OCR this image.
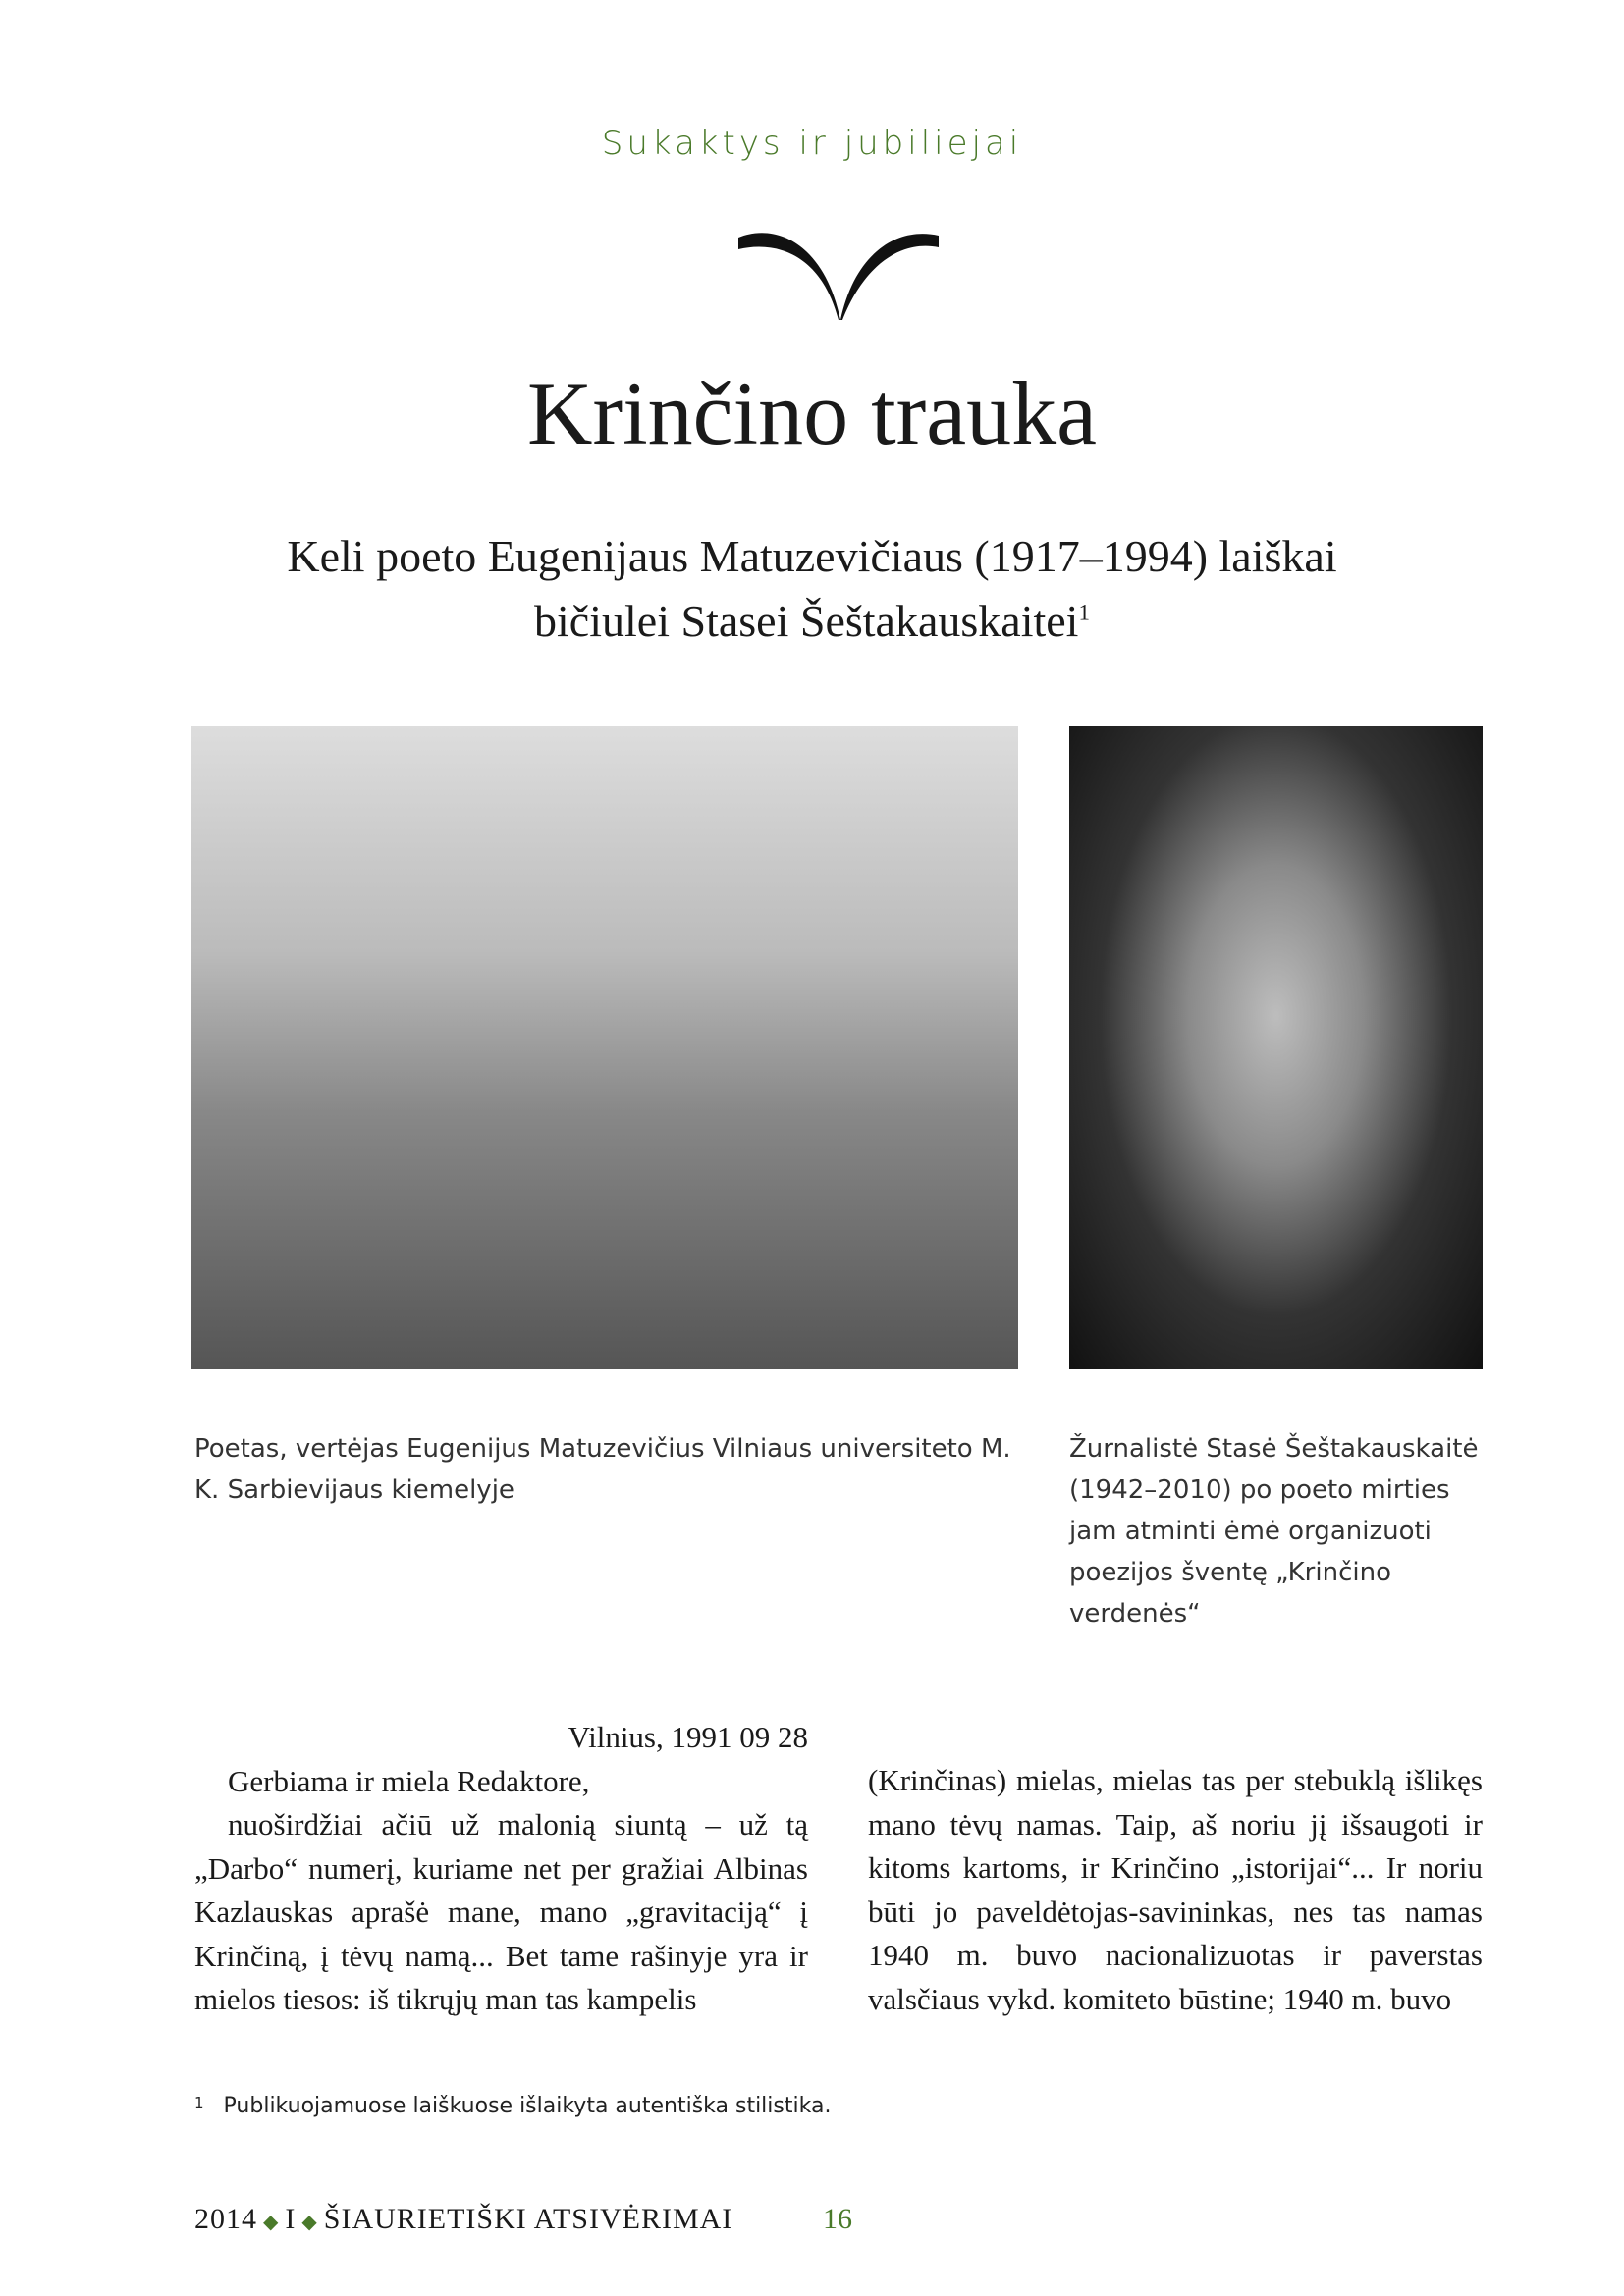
Sukaktys ir jubiliejai
Krinčino trauka
Keli poeto Eugenijaus Matuzevičiaus (1917–1994) laiškai
bičiulei Stasei Šeštakauskaitei$^1$
Poetas, vertėjas Eugenijus Matuzevičius Vilniaus universiteto M. K. Sarbievijaus kiemelyje
Žurnalistė Stasė Šeštakauskaitė (1942–2010) po poeto mirties jam atminti ėmė organizuoti poezijos šventę „Krinčino verdenės“
Vilnius, 1991 09 28
Gerbiama ir miela Redaktore,
nuoširdžiai ačiū už malonią siuntą – už tą „Darbo“ numerį, kuriame net per gražiai Albinas Kazlauskas aprašė mane, mano „gravitaciją“ į Krinčiną, į tėvų namą... Bet tame rašinyje yra ir mielos tiesos: iš tikrųjų man tas kampelis
(Krinčinas) mielas, mielas tas per stebuklą išlikęs mano tėvų namas. Taip, aš noriu jį išsaugoti ir kitoms kartoms, ir Krinčino „istorijai“... Ir noriu būti jo paveldėtojas-savininkas, nes tas namas 1940 m. buvo nacionalizuotas ir paverstas valsčiaus vykd. komiteto būstine; 1940 m. buvo
$^1$ Publikuojamuose laiškuose išlaikyta autentiška stilistika.
2014 ◆ I ◆ ŠIAURIETIŠKI ATSIVĖRIMAI	16
